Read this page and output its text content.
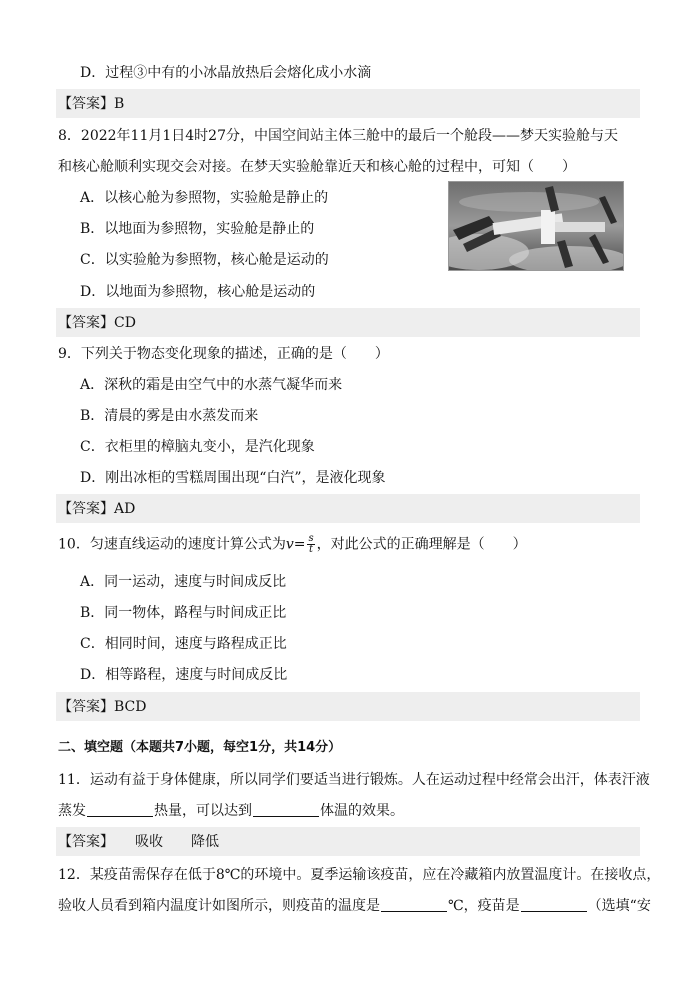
D．过程③中有的小冰晶放热后会熔化成小水滴
【答案】B
8．2022年11月1日4时27分，中国空间站主体三舱中的最后一个舱段——梦天实验舱与天
和核心舱顺利实现交会对接。在梦天实验舱靠近天和核心舱的过程中，可知（　　）
A．以核心舱为参照物，实验舱是静止的
B．以地面为参照物，实验舱是静止的
C．以实验舱为参照物，核心舱是运动的
D．以地面为参照物，核心舱是运动的
【答案】CD
9．下列关于物态变化现象的描述，正确的是（　　）
A．深秋的霜是由空气中的水蒸气凝华而来
B．清晨的雾是由水蒸发而来
C．衣柜里的樟脑丸变小，是汽化现象
D．刚出冰柜的雪糕周围出现“白汽”，是液化现象
【答案】AD
10．匀速直线运动的速度计算公式为$v= \frac{s}{t}$ ，对此公式的正确理解是（　　）
A．同一运动，速度与时间成反比
B．同一物体，路程与时间成正比
C．相同时间，速度与路程成正比
D．相等路程，速度与时间成反比
【答案】BCD
二、填空题（本题共7小题，每空1分，共14分）
11．运动有益于身体健康，所以同学们要适当进行锻炼。人在运动过程中经常会出汗，体表汗液
蒸发	热量，可以达到	体温的效果。
【答案】　　吸收　　降低
12．某疫苗需保存在低于8℃的环境中。夏季运输该疫苗，应在冷藏箱内放置温度计。在接收点，
验收人员看到箱内温度计如图所示，则疫苗的温度是	℃，疫苗是	（选填“安
